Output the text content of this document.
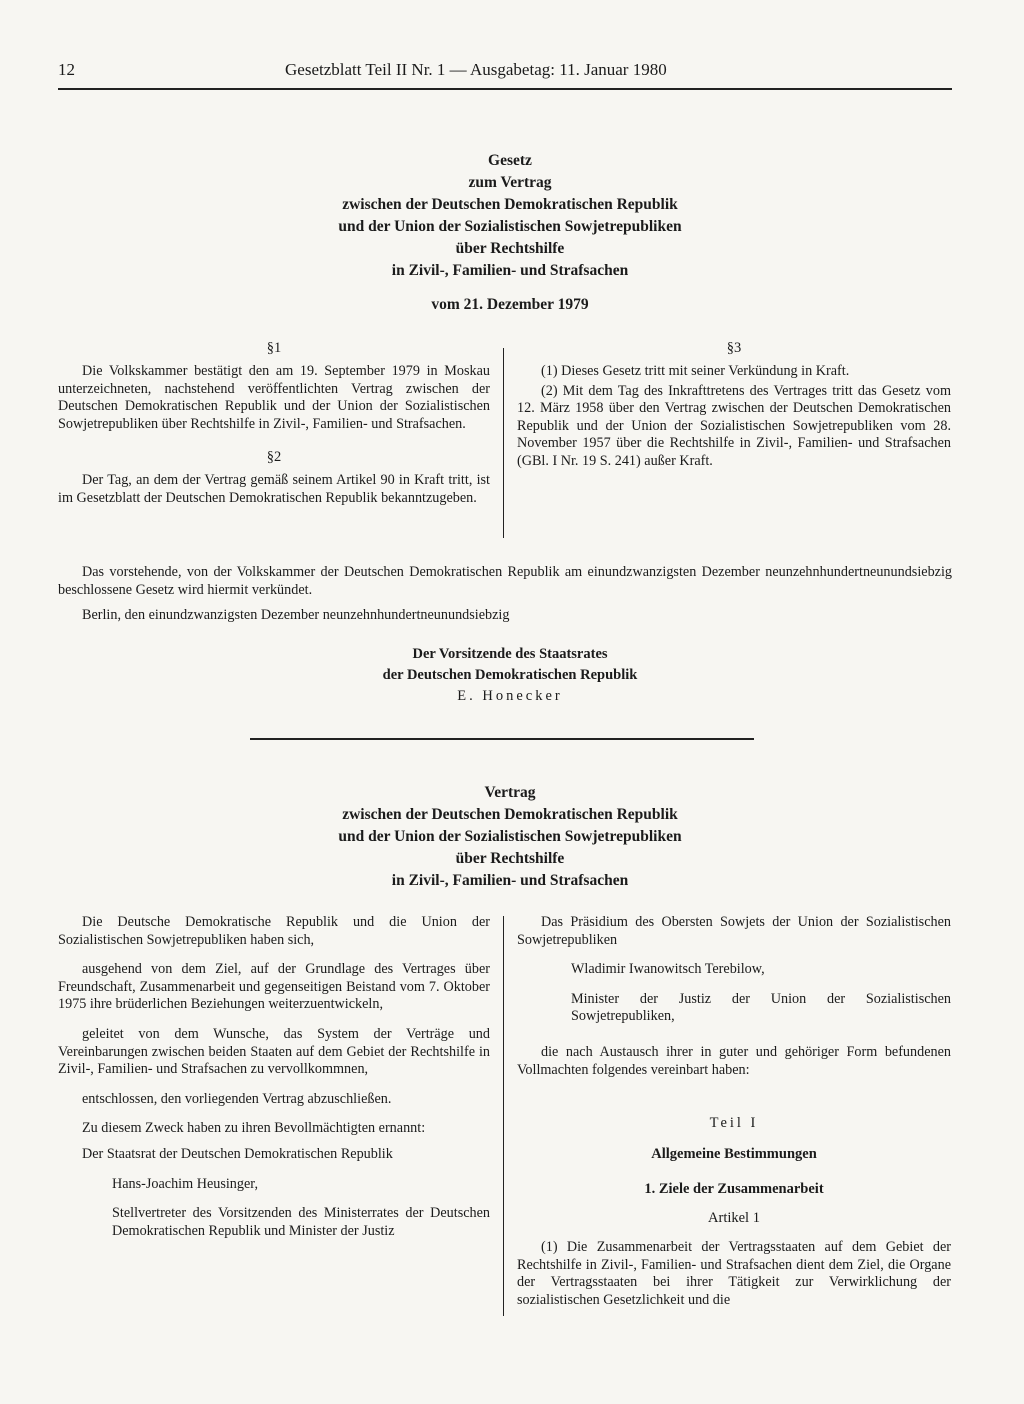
12	Gesetzblatt Teil II Nr. 1 — Ausgabetag: 11. Januar 1980
Gesetz
zum Vertrag
zwischen der Deutschen Demokratischen Republik
und der Union der Sozialistischen Sowjetrepubliken
über Rechtshilfe
in Zivil-, Familien- und Strafsachen
vom 21. Dezember 1979

§1

Die Volkskammer bestätigt den am 19. September 1979 in Moskau unterzeichneten, nachstehend veröffentlichten Vertrag zwischen der Deutschen Demokratischen Republik und der Union der Sozialistischen Sowjetrepubliken über Rechtshilfe in Zivil-, Familien- und Strafsachen.

§2

Der Tag, an dem der Vertrag gemäß seinem Artikel 90 in Kraft tritt, ist im Gesetzblatt der Deutschen Demokratischen Republik bekanntzugeben.

§3

(1) Dieses Gesetz tritt mit seiner Verkündung in Kraft.

(2) Mit dem Tag des Inkrafttretens des Vertrages tritt das Gesetz vom 12. März 1958 über den Vertrag zwischen der Deutschen Demokratischen Republik und der Union der Sozialistischen Sowjetrepubliken vom 28. November 1957 über die Rechtshilfe in Zivil-, Familien- und Strafsachen (GBl. I Nr. 19 S. 241) außer Kraft.

Das vorstehende, von der Volkskammer der Deutschen Demokratischen Republik am einundzwanzigsten Dezember neunzehnhundertneunundsiebzig beschlossene Gesetz wird hiermit verkündet.

Berlin, den einundzwanzigsten Dezember neunzehnhundertneunundsiebzig

Der Vorsitzende des Staatsrates
der Deutschen Demokratischen Republik
E. Honecker
Vertrag
zwischen der Deutschen Demokratischen Republik
und der Union der Sozialistischen Sowjetrepubliken
über Rechtshilfe
in Zivil-, Familien- und Strafsachen

Die Deutsche Demokratische Republik und die Union der Sozialistischen Sowjetrepubliken haben sich,

ausgehend von dem Ziel, auf der Grundlage des Vertrages über Freundschaft, Zusammenarbeit und gegenseitigen Beistand vom 7. Oktober 1975 ihre brüderlichen Beziehungen weiterzuentwickeln,

geleitet von dem Wunsche, das System der Verträge und Vereinbarungen zwischen beiden Staaten auf dem Gebiet der Rechtshilfe in Zivil-, Familien- und Strafsachen zu vervollkommnen,

entschlossen, den vorliegenden Vertrag abzuschließen.

Zu diesem Zweck haben zu ihren Bevollmächtigten ernannt:

Der Staatsrat der Deutschen Demokratischen Republik

Hans-Joachim Heusinger,

Stellvertreter des Vorsitzenden des Ministerrates der Deutschen Demokratischen Republik und Minister der Justiz

Das Präsidium des Obersten Sowjets der Union der Sozialistischen Sowjetrepubliken

Wladimir Iwanowitsch Terebilow,

Minister der Justiz der Union der Sozialistischen Sowjetrepubliken,

die nach Austausch ihrer in guter und gehöriger Form befundenen Vollmachten folgendes vereinbart haben:

Teil I

Allgemeine Bestimmungen

1. Ziele der Zusammenarbeit

Artikel 1

(1) Die Zusammenarbeit der Vertragsstaaten auf dem Gebiet der Rechtshilfe in Zivil-, Familien- und Strafsachen dient dem Ziel, die Organe der Vertragsstaaten bei ihrer Tätigkeit zur Verwirklichung der sozialistischen Gesetzlichkeit und die
